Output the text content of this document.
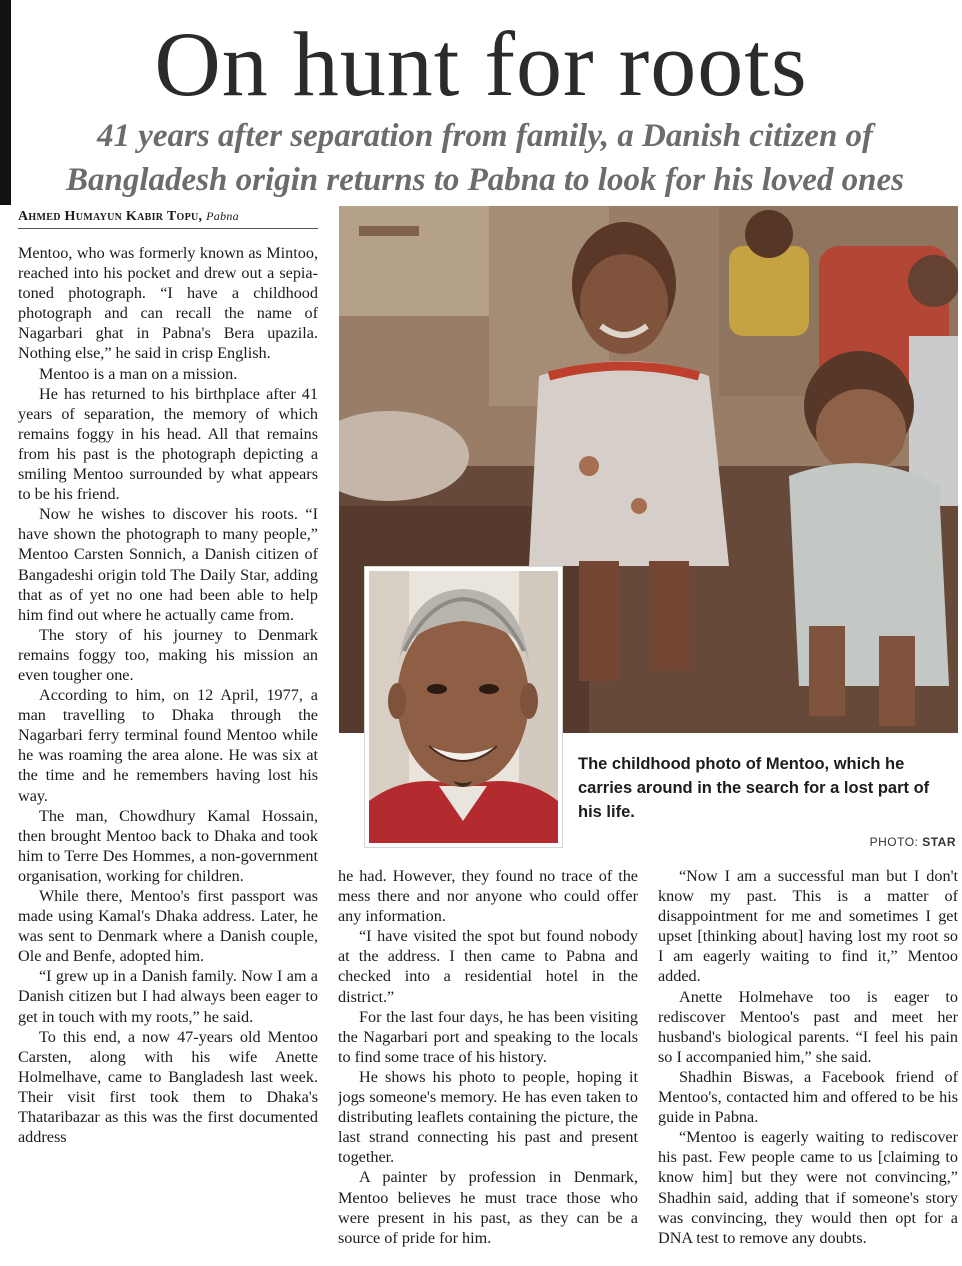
On hunt for roots
41 years after separation from family, a Danish citizen of
Bangladesh origin returns to Pabna to look for his loved ones
Ahmed Humayun Kabir Topu, Pabna

Mentoo, who was formerly known as Mintoo, reached into his pocket and drew out a sepia-toned photograph. “I have a childhood photograph and can recall the name of Nagarbari ghat in Pabna's Bera upazila. Nothing else,” he said in crisp English.

Mentoo is a man on a mission.

He has returned to his birthplace after 41 years of separation, the memory of which remains foggy in his head. All that remains from his past is the photograph depicting a smiling Mentoo surrounded by what appears to be his friend.

Now he wishes to discover his roots. “I have shown the photograph to many people,” Mentoo Carsten Sonnich, a Danish citizen of Bangadeshi origin told The Daily Star, adding that as of yet no one had been able to help him find out where he actually came from.

The story of his journey to Denmark remains foggy too, making his mission an even tougher one.

According to him, on 12 April, 1977, a man travelling to Dhaka through the Nagarbari ferry terminal found Mentoo while he was roaming the area alone. He was six at the time and he remembers having lost his way.

The man, Chowdhury Kamal Hossain, then brought Mentoo back to Dhaka and took him to Terre Des Hommes, a non-government organisation, working for children.

While there, Mentoo's first passport was made using Kamal's Dhaka address. Later, he was sent to Denmark where a Danish couple, Ole and Benfe, adopted him.

“I grew up in a Danish family. Now I am a Danish citizen but I had always been eager to get in touch with my roots,” he said.

To this end, a now 47-years old Mentoo Carsten, along with his wife Anette Holmelhave, came to Bangladesh last week. Their visit first took them to Dhaka's Thataribazar as this was the first documented address

The childhood photo of Mentoo, which he carries around in the search for a lost part of his life.
PHOTO: STAR

he had. However, they found no trace of the mess there and nor anyone who could offer any information.

“I have visited the spot but found nobody at the address. I then came to Pabna and checked into a residential hotel in the district.”

For the last four days, he has been visiting the Nagarbari port and speaking to the locals to find some trace of his history.

He shows his photo to people, hoping it jogs someone's memory. He has even taken to distributing leaflets containing the picture, the last strand connecting his past and present together.

A painter by profession in Denmark, Mentoo believes he must trace those who were present in his past, as they can be a source of pride for him.

“Now I am a successful man but I don't know my past. This is a matter of disappointment for me and sometimes I get upset [thinking about] having lost my root so I am eagerly waiting to find it,” Mentoo added.

Anette Holmehave too is eager to rediscover Mentoo's past and meet her husband's biological parents. “I feel his pain so I accompanied him,” she said.

Shadhin Biswas, a Facebook friend of Mentoo's, contacted him and offered to be his guide in Pabna.

“Mentoo is eagerly waiting to rediscover his past. Few people came to us [claiming to know him] but they were not convincing,” Shadhin said, adding that if someone's story was convincing, they would then opt for a DNA test to remove any doubts.
